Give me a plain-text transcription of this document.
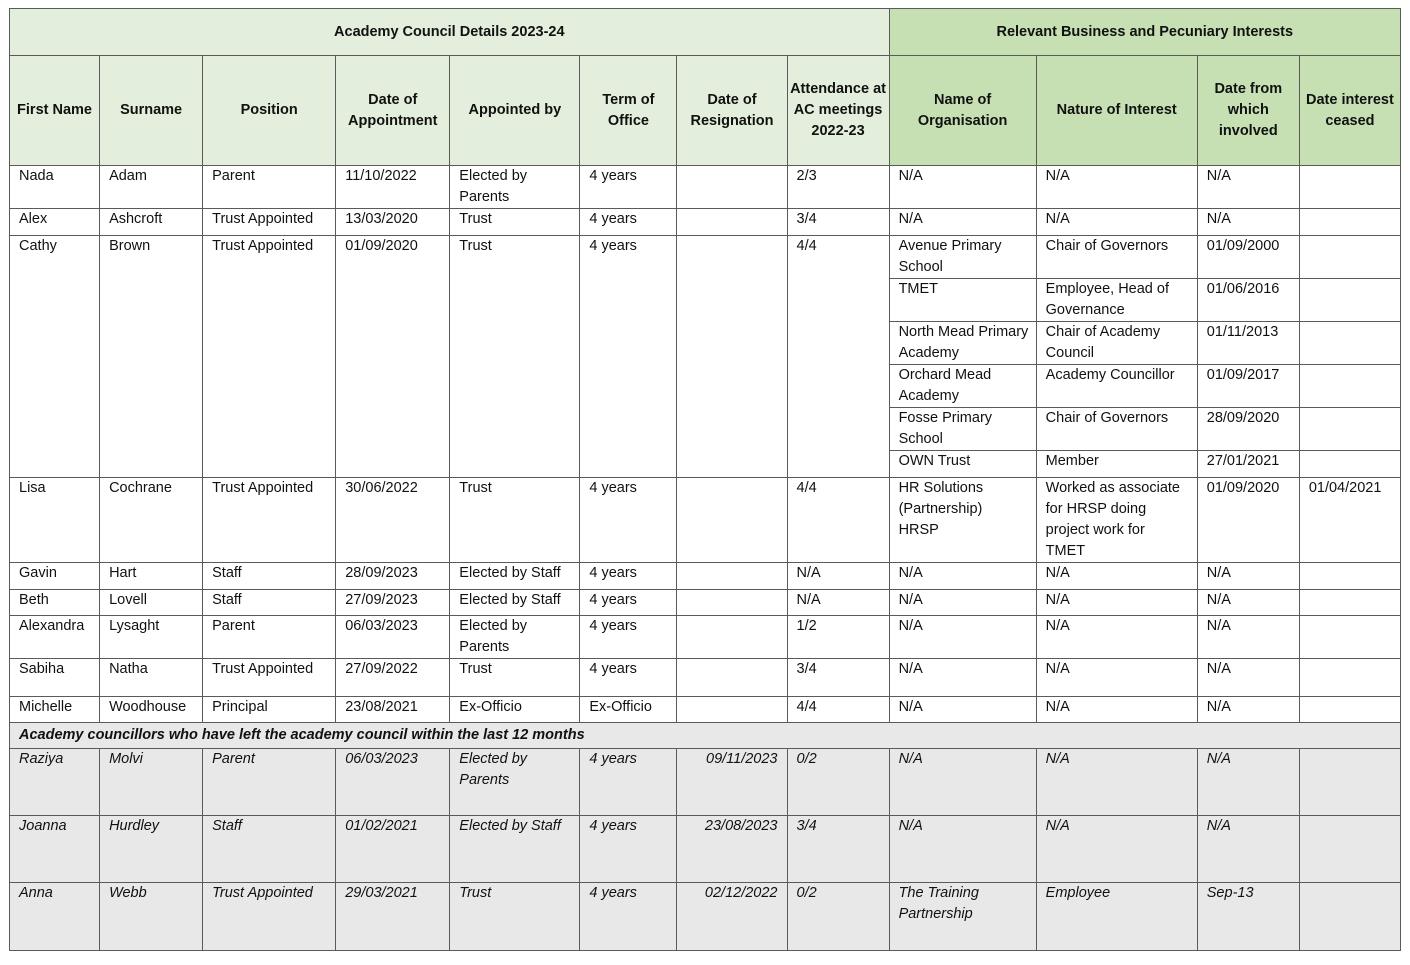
Academy Council Details 2023-24								Relevant Business and Pecuniary Interests			
First Name	Surname	Position	Date of Appointment	Appointed by	Term of Office	Date of Resignation	Attendance at AC meetings 2022-23	Name of Organisation	Nature of Interest	Date from which involved	Date interest ceased
Nada	Adam	Parent	11/10/2022	Elected by Parents	4 years		2/3	N/A	N/A	N/A	
Alex	Ashcroft	Trust Appointed	13/03/2020	Trust	4 years		3/4	N/A	N/A	N/A	
Cathy	Brown	Trust Appointed	01/09/2020	Trust	4 years		4/4	Avenue Primary School	Chair of Governors	01/09/2000	
								TMET	Employee, Head of Governance	01/06/2016	
								North Mead Primary Academy	Chair of Academy Council	01/11/2013	
								Orchard Mead Academy	Academy Councillor	01/09/2017	
								Fosse Primary School	Chair of Governors	28/09/2020	
								OWN Trust	Member	27/01/2021	
Lisa	Cochrane	Trust Appointed	30/06/2022	Trust	4 years		4/4	HR Solutions (Partnership) HRSP	Worked as associate for HRSP doing project work for TMET	01/09/2020	01/04/2021
Gavin	Hart	Staff	28/09/2023	Elected by Staff	4 years		N/A	N/A	N/A	N/A	
Beth	Lovell	Staff	27/09/2023	Elected by Staff	4 years		N/A	N/A	N/A	N/A	
Alexandra	Lysaght	Parent	06/03/2023	Elected by Parents	4 years		1/2	N/A	N/A	N/A	
Sabiha	Natha	Trust Appointed	27/09/2022	Trust	4 years		3/4	N/A	N/A	N/A	
Michelle	Woodhouse	Principal	23/08/2021	Ex-Officio	Ex-Officio		4/4	N/A	N/A	N/A	
Academy councillors who have left the academy council within the last 12 months											
Raziya	Molvi	Parent	06/03/2023	Elected by Parents	4 years	09/11/2023	0/2	N/A	N/A	N/A	
Joanna	Hurdley	Staff	01/02/2021	Elected by Staff	4 years	23/08/2023	3/4	N/A	N/A	N/A	
Anna	Webb	Trust Appointed	29/03/2021	Trust	4 years	02/12/2022	0/2	The Training Partnership	Employee	Sep-13	
